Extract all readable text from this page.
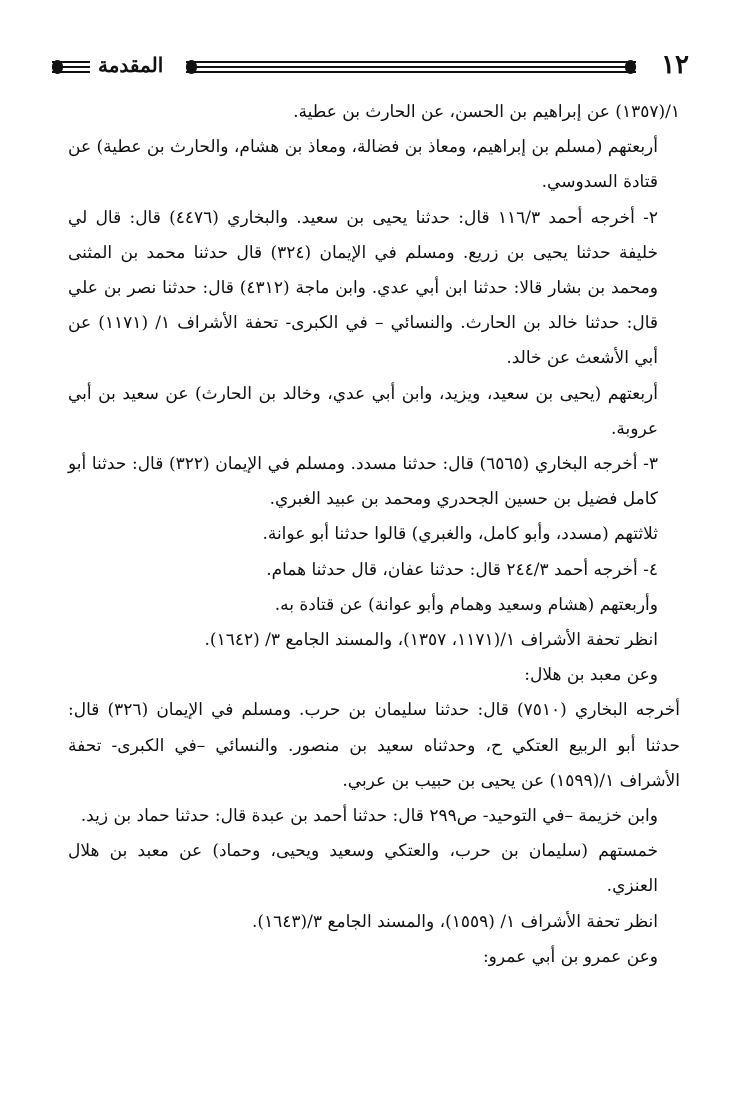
المقدمة	١٢

١/(١٣٥٧) عن إبراهيم بن الحسن، عن الحارث بن عطية.

أربعتهم (مسلم بن إبراهيم، ومعاذ بن فضالة، ومعاذ بن هشام، والحارث بن عطية) عن قتادة السدوسي.

٢- أخرجه أحمد ١١٦/٣ قال: حدثنا يحيى بن سعيد. والبخاري (٤٤٧٦) قال: قال لي خليفة حدثنا يحيى بن زريع. ومسلم في الإيمان (٣٢٤) قال حدثنا محمد بن المثنى ومحمد بن بشار قالا: حدثنا ابن أبي عدي. وابن ماجة (٤٣١٢) قال: حدثنا نصر بن علي قال: حدثنا خالد بن الحارث. والنسائي – في الكبرى- تحفة الأشراف ١/ (١١٧١) عن أبي الأشعث عن خالد.

أربعتهم (يحيى بن سعيد، ويزيد، وابن أبي عدي، وخالد بن الحارث) عن سعيد بن أبي عروبة.

٣- أخرجه البخاري (٦٥٦٥) قال: حدثنا مسدد. ومسلم في الإيمان (٣٢٢) قال: حدثنا أبو كامل فضيل بن حسين الجحدري ومحمد بن عبيد الغبري.

ثلاثتهم (مسدد، وأبو كامل، والغبري) قالوا حدثنا أبو عوانة.

٤- أخرجه أحمد ٢٤٤/٣ قال: حدثنا عفان، قال حدثنا همام.

وأربعتهم (هشام وسعيد وهمام وأبو عوانة) عن قتادة به.

انظر تحفة الأشراف ١/(١١٧١، ١٣٥٧)، والمسند الجامع ٣/ (١٦٤٢).

وعن معبد بن هلال:

أخرجه البخاري (٧٥١٠) قال: حدثنا سليمان بن حرب. ومسلم في الإيمان (٣٢٦) قال: حدثنا أبو الربيع العتكي ح، وحدثناه سعيد بن منصور. والنسائي –في الكبرى- تحفة الأشراف ١/(١٥٩٩) عن يحيى بن حبيب بن عربي.

وابن خزيمة –في التوحيد- ص٢٩٩ قال: حدثنا أحمد بن عبدة قال: حدثنا حماد بن زيد.

خمستهم (سليمان بن حرب، والعتكي وسعيد ويحيى، وحماد) عن معبد بن هلال العنزي.

انظر تحفة الأشراف ١/ (١٥٥٩)، والمسند الجامع ٣/(١٦٤٣).

وعن عمرو بن أبي عمرو:
